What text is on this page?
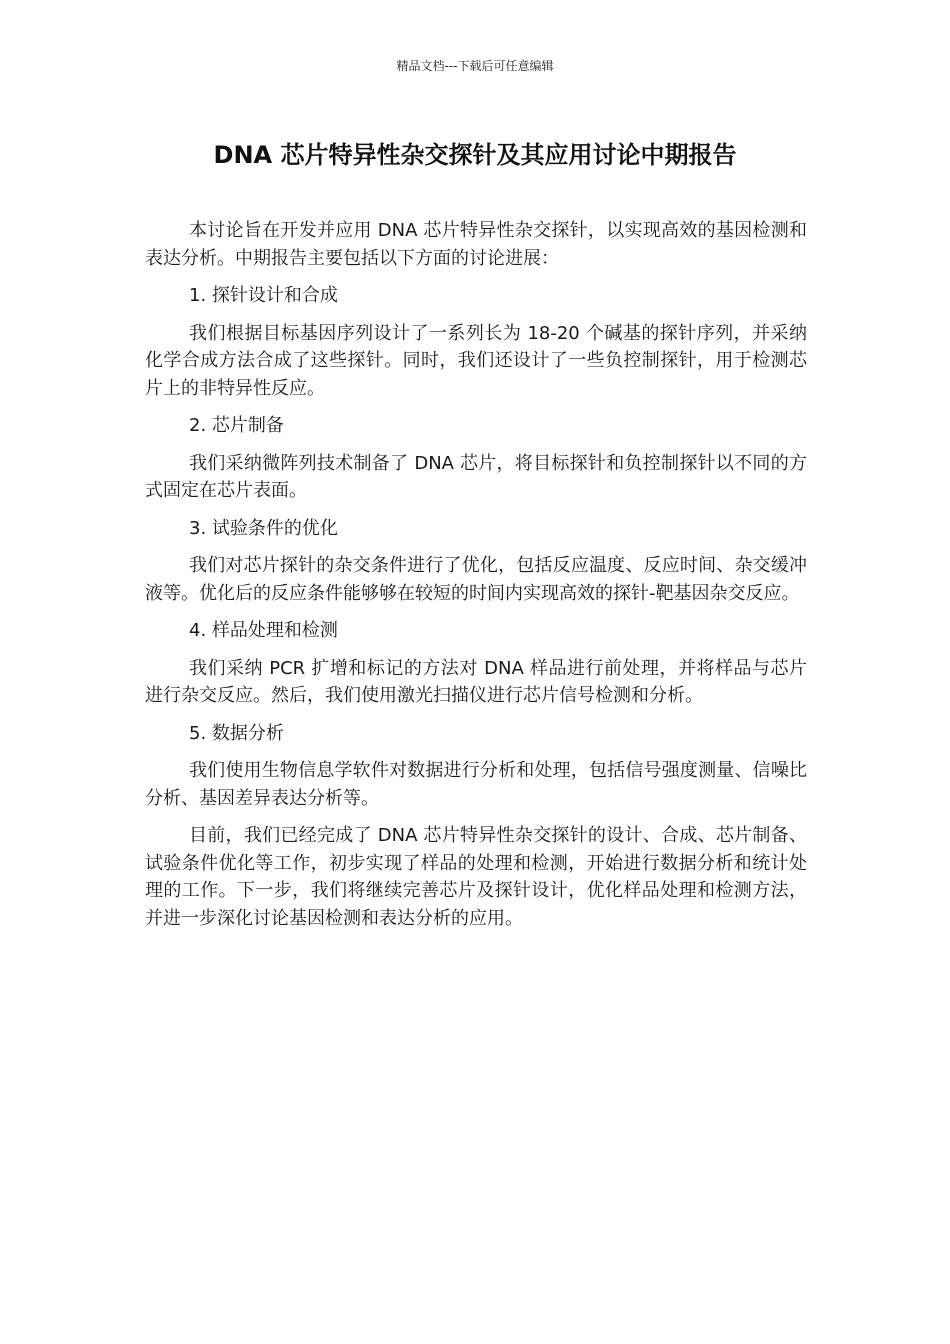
精品文档---下载后可任意编辑
DNA 芯片特异性杂交探针及其应用讨论中期报告

本讨论旨在开发并应用 DNA 芯片特异性杂交探针，以实现高效的基因检测和表达分析。中期报告主要包括以下方面的讨论进展：

1. 探针设计和合成

我们根据目标基因序列设计了一系列长为 18-20 个碱基的探针序列，并采纳化学合成方法合成了这些探针。同时，我们还设计了一些负控制探针，用于检测芯片上的非特异性反应。

2. 芯片制备

我们采纳微阵列技术制备了 DNA 芯片，将目标探针和负控制探针以不同的方式固定在芯片表面。

3. 试验条件的优化

我们对芯片探针的杂交条件进行了优化，包括反应温度、反应时间、杂交缓冲液等。优化后的反应条件能够够在较短的时间内实现高效的探针-靶基因杂交反应。

4. 样品处理和检测

我们采纳 PCR 扩增和标记的方法对 DNA 样品进行前处理，并将样品与芯片进行杂交反应。然后，我们使用激光扫描仪进行芯片信号检测和分析。

5. 数据分析

我们使用生物信息学软件对数据进行分析和处理，包括信号强度测量、信噪比分析、基因差异表达分析等。

目前，我们已经完成了 DNA 芯片特异性杂交探针的设计、合成、芯片制备、试验条件优化等工作，初步实现了样品的处理和检测，开始进行数据分析和统计处理的工作。下一步，我们将继续完善芯片及探针设计，优化样品处理和检测方法，并进一步深化讨论基因检测和表达分析的应用。
